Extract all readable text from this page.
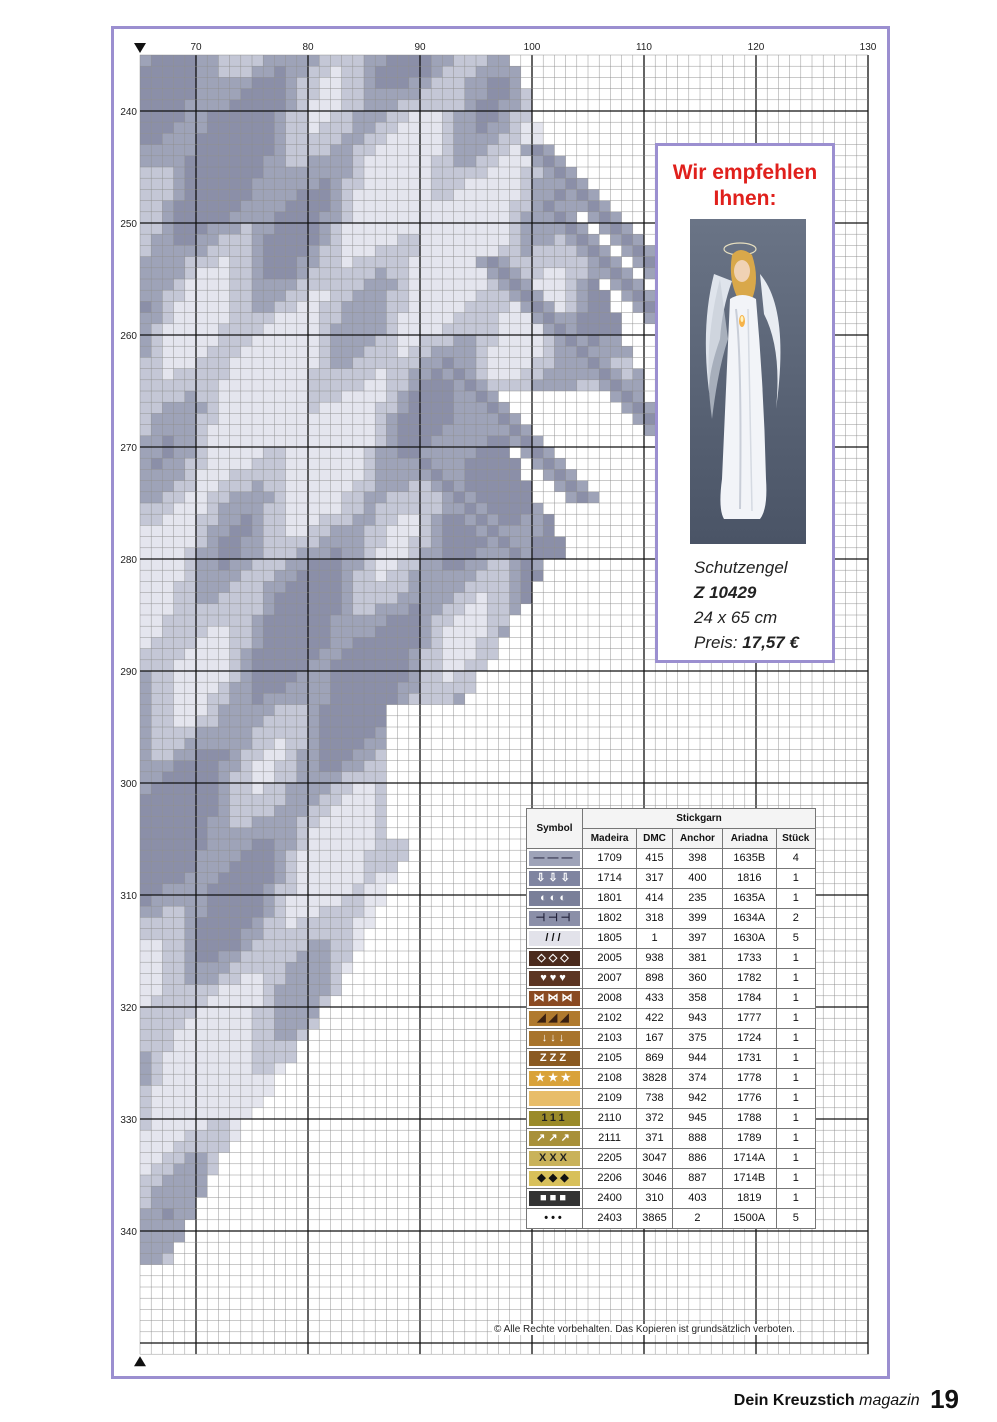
70	80	90	100	110	120	130
240
250
260
270
280
290
300
310
320
330
340
Wir empfehlen
Ihnen:
Schutzengel
Z 10429
24 x 65 cm
Preis: 17,57 €
Symbol	Stickgarn				
	Madeira	DMC	Anchor	Ariadna	Stück

———	1709	415	398	1635B	4

⇩⇩⇩	1714	317	400	1816	1

◐◐◐	1801	414	235	1635A	1

⊣⊣⊣	1802	318	399	1634A	2

///	1805	1	397	1630A	5

◇◇◇	2005	938	381	1733	1

♥♥♥	2007	898	360	1782	1

⋈⋈⋈	2008	433	358	1784	1

◢◢◢	2102	422	943	1777	1

↓↓↓	2103	167	375	1724	1

ZZZ	2105	869	944	1731	1

★★★	2108	3828	374	1778	1

	2109	738	942	1776	1

111	2110	372	945	1788	1

↗↗↗	2111	371	888	1789	1

XXX	2205	3047	886	1714A	1

◆◆◆	2206	3046	887	1714B	1

■■■	2400	310	403	1819	1

•••	2403	3865	2	1500A	5
© Alle Rechte vorbehalten. Das Kopieren ist grundsätzlich verboten.
Dein Kreuzstich magazin 19
